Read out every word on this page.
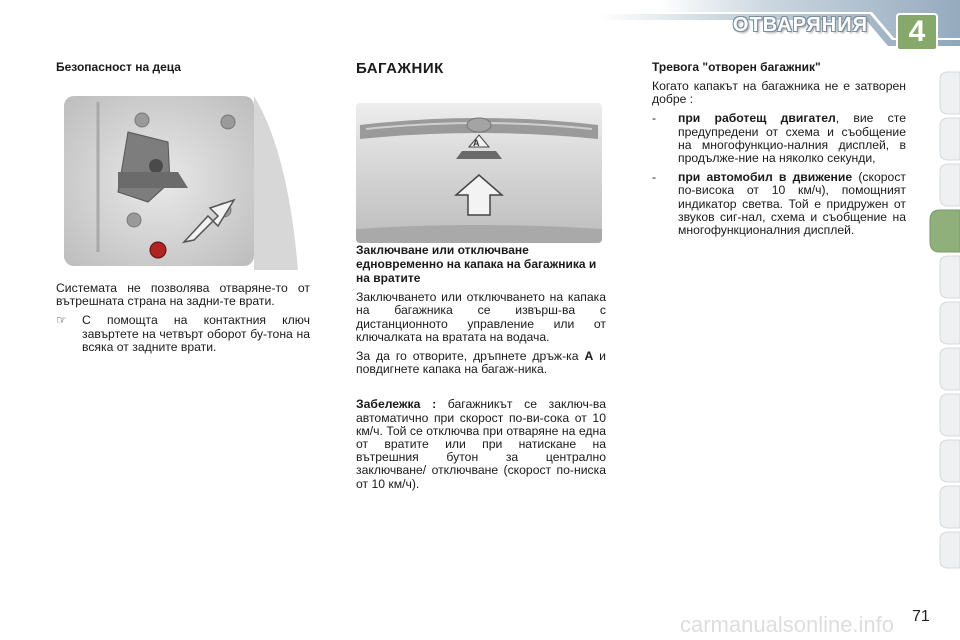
ОТВАРЯНИЯ	4
Безопасност на деца

Системата не позволява отваряне-то от вътрешната страна на задни-те врати.

☞	С помощта на контактния ключ завъртете на четвърт оборот бу-тона на всяка от задните врати.
БАГАЖНИК
A
Заключване или отключване едновременно на капака на багажника и на вратите

Заключването или отключването на капака на багажника се извърш-ва с дистанционното управление или от ключалката на вратата на водача.

За да го отворите, дръпнете дръж-ка A и повдигнете капака на багаж-ника.

Забележка : багажникът се заключ-ва автоматично при скорост по-ви-сока от 10 км/ч. Той се отключва при отваряне на една от вратите или при натискане на вътрешния бутон за централно заключване/ отключване (скорост по-ниска от 10 км/ч).

Тревога "отворен багажник"

Когато капакът на багажника не е затворен добре :

-	при работещ двигател, вие сте предупредени от схема и съобщение на многофункцио-налния дисплей, в продължe-ние на няколко секунди,
-	при автомобил в движение (скорост по-висока от 10 км/ч), помощният индикатор светва. Той е придружен от звуков сиг-нал, схема и съобщение на многофункционалния дисплей.
carmanualsonline.info 71
